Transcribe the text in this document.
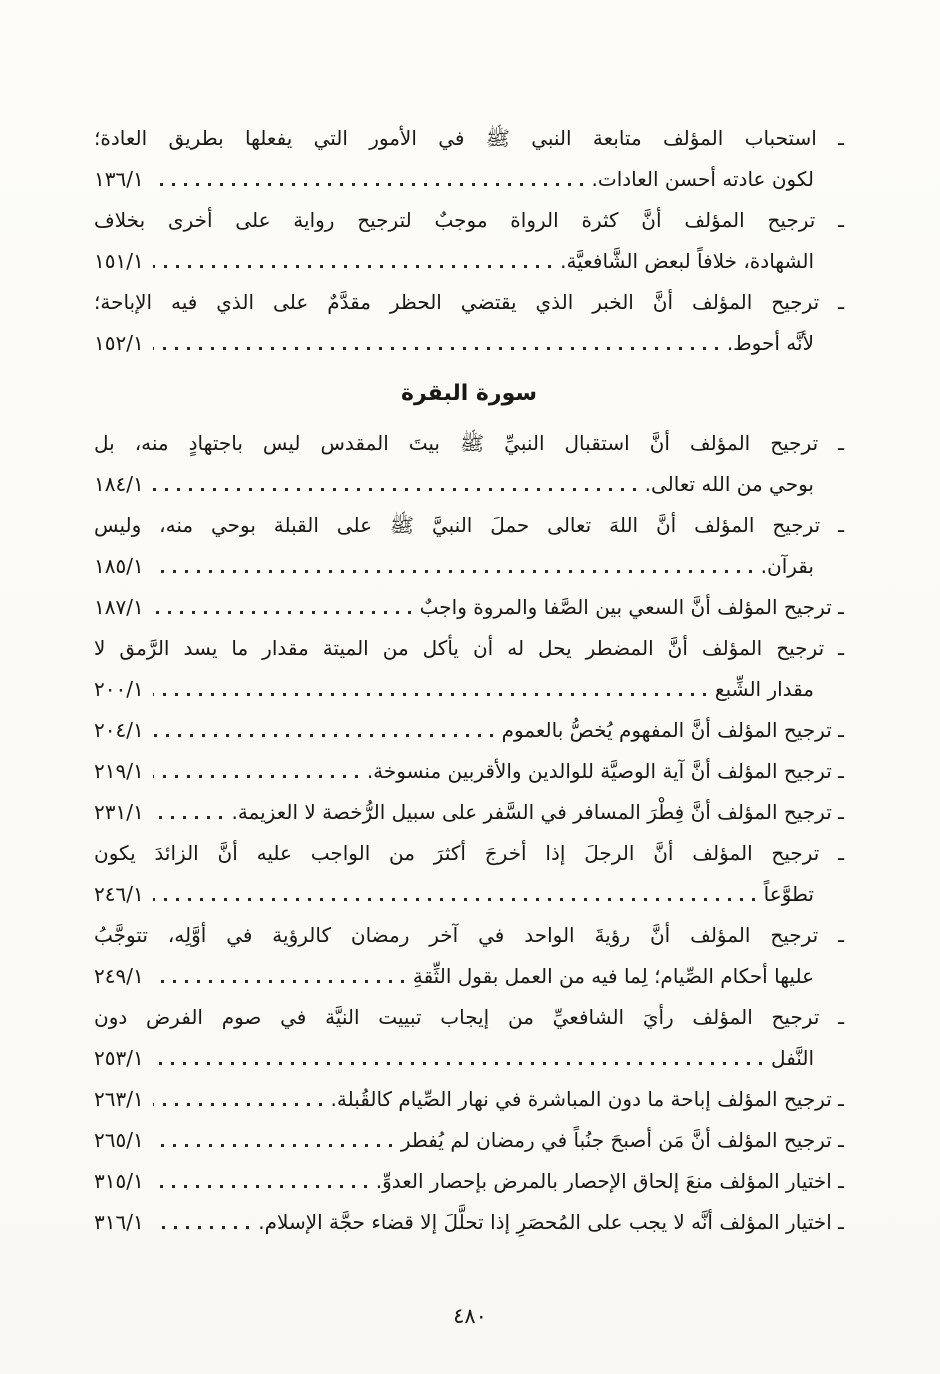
ـ استحباب المؤلف متابعة النبي ﷺ في الأمور التي يفعلها بطريق العادة؛
لكون عادته أحسن العادات.
١٣٦/١
ـ ترجيح المؤلف أنَّ كثرة الرواة موجبٌ لترجيح رواية على أخرى بخلاف
الشهادة، خلافاً لبعض الشَّافعيَّة.
١٥١/١
ـ ترجيح المؤلف أنَّ الخبر الذي يقتضي الحظر مقدَّمٌ على الذي فيه الإباحة؛
لأنَّه أحوط.
١٥٢/١
سورة البقرة
ـ ترجيح المؤلف أنَّ استقبال النبيِّ ﷺ بيتَ المقدس ليس باجتهادٍ منه، بل
بوحي من الله تعالى.
١٨٤/١
ـ ترجيح المؤلف أنَّ اللهَ تعالى حملَ النبيَّ ﷺ على القبلة بوحي منه، وليس
بقرآن.
١٨٥/١
ـ ترجيح المؤلف أنَّ السعي بين الصَّفا والمروة واجبٌ
١٨٧/١
ـ ترجيح المؤلف أنَّ المضطر يحل له أن يأكل من الميتة مقدار ما يسد الرَّمق لا
مقدار الشِّبع
٢٠٠/١
ـ ترجيح المؤلف أنَّ المفهوم يُخصُّ بالعموم
٢٠٤/١
ـ ترجيح المؤلف أنَّ آية الوصيَّة للوالدين والأقربين منسوخة.
٢١٩/١
ـ ترجيح المؤلف أنَّ فِطْرَ المسافر في السَّفر على سبيل الرُّخصة لا العزيمة.
٢٣١/١
ـ ترجيح المؤلف أنَّ الرجلَ إذا أخرجَ أكثرَ من الواجب عليه أنَّ الزائدَ يكون
تطوَّعاً
٢٤٦/١
ـ ترجيح المؤلف أنَّ رؤيةَ الواحد في آخر رمضان كالرؤية في أوَّلِه، تتوجَّبُ
عليها أحكام الصِّيام؛ لِما فيه من العمل بقول الثِّقةِ
٢٤٩/١
ـ ترجيح المؤلف رأيَ الشافعيِّ من إيجاب تبييت النيَّة في صوم الفرض دون
النَّفل
٢٥٣/١
ـ ترجيح المؤلف إباحة ما دون المباشرة في نهار الصِّيام كالقُبلة.
٢٦٣/١
ـ ترجيح المؤلف أنَّ مَن أصبحَ جنُباً في رمضان لم يُفطر
٢٦٥/١
ـ اختيار المؤلف منعَ إلحاق الإحصار بالمرض بإحصار العدوِّ.
٣١٥/١
ـ اختيار المؤلف أنَّه لا يجب على المُحصَرِ إذا تحلَّلَ إلا قضاء حجَّة الإسلام.
٣١٦/١
٤٨٠
